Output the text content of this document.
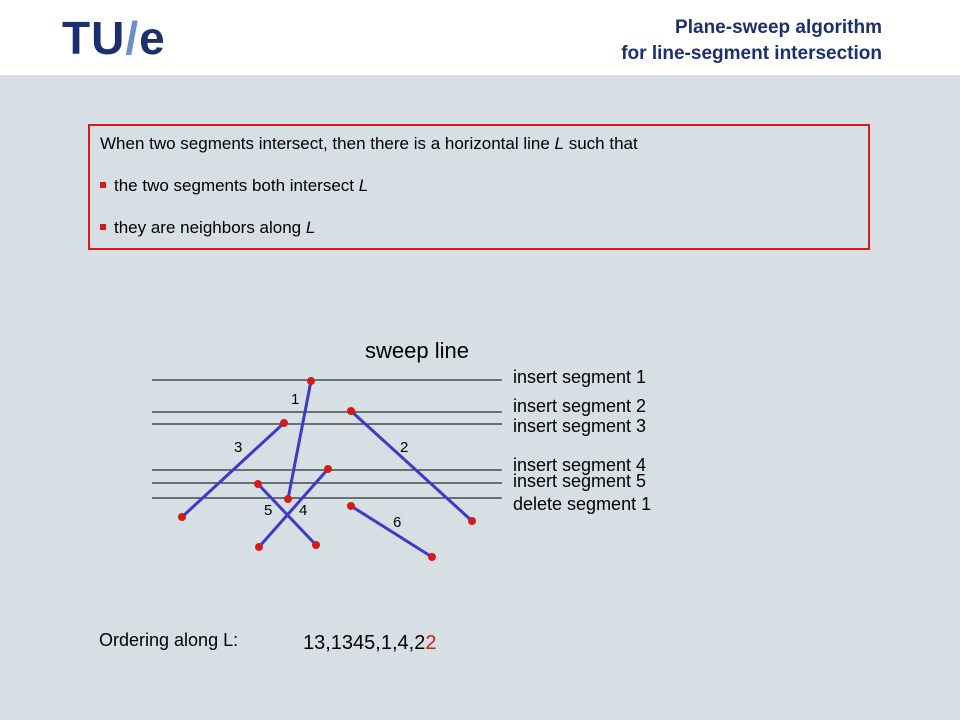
TU/e	Plane-sweep algorithm
for line-segment intersection
When two segments intersect, then there is a horizontal line L such that
the two segments both intersect L
they are neighbors along L
sweep line
1
2
3
4
5
6
insert segment 1
insert segment 2
insert segment 3
insert segment 4
insert segment 5
delete segment 1
Ordering along L:	13,1345,1,4,22
